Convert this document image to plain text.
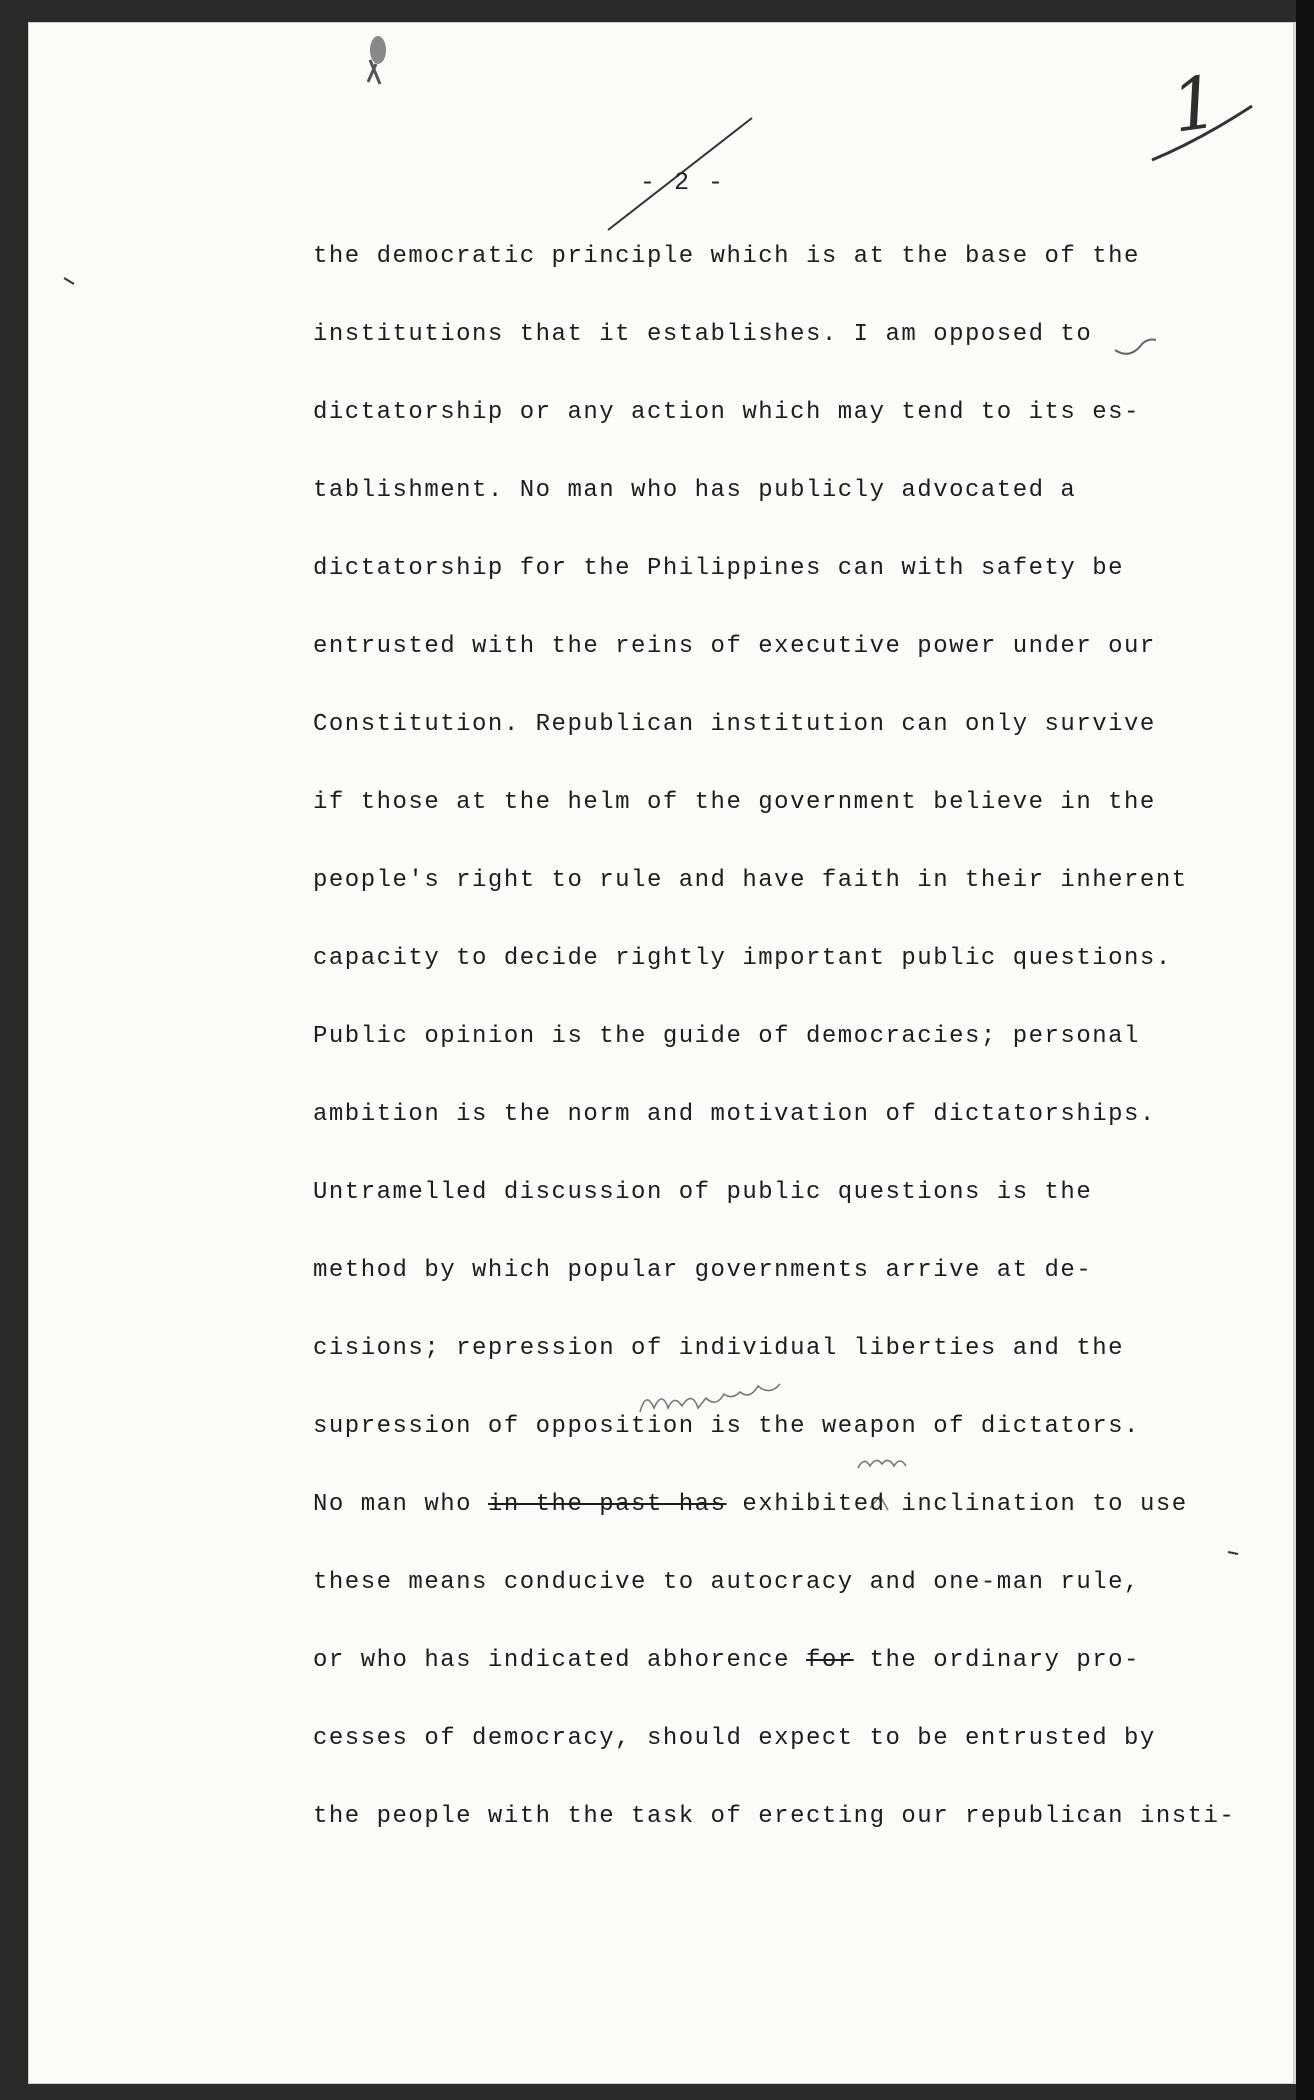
- 2 -
1
the democratic principle which is at the base of the
institutions that it establishes. I am opposed to
dictatorship or any action which may tend to its es-
tablishment. No man who has publicly advocated a
dictatorship for the Philippines can with safety be
entrusted with the reins of executive power under our
Constitution. Republican institution can only survive
if those at the helm of the government believe in the
people's right to rule and have faith in their inherent
capacity to decide rightly important public questions.
Public opinion is the guide of democracies; personal
ambition is the norm and motivation of dictatorships.
Untramelled discussion of public questions is the
method by which popular governments arrive at de-
cisions; repression of individual liberties and the
supression of opposition is the weapon of dictators.
No man who in the past has exhibited inclination to use
these means conducive to autocracy and one-man rule,
or who has indicated abhorence for the ordinary pro-
cesses of democracy, should expect to be entrusted by
the people with the task of erecting our republican insti-
